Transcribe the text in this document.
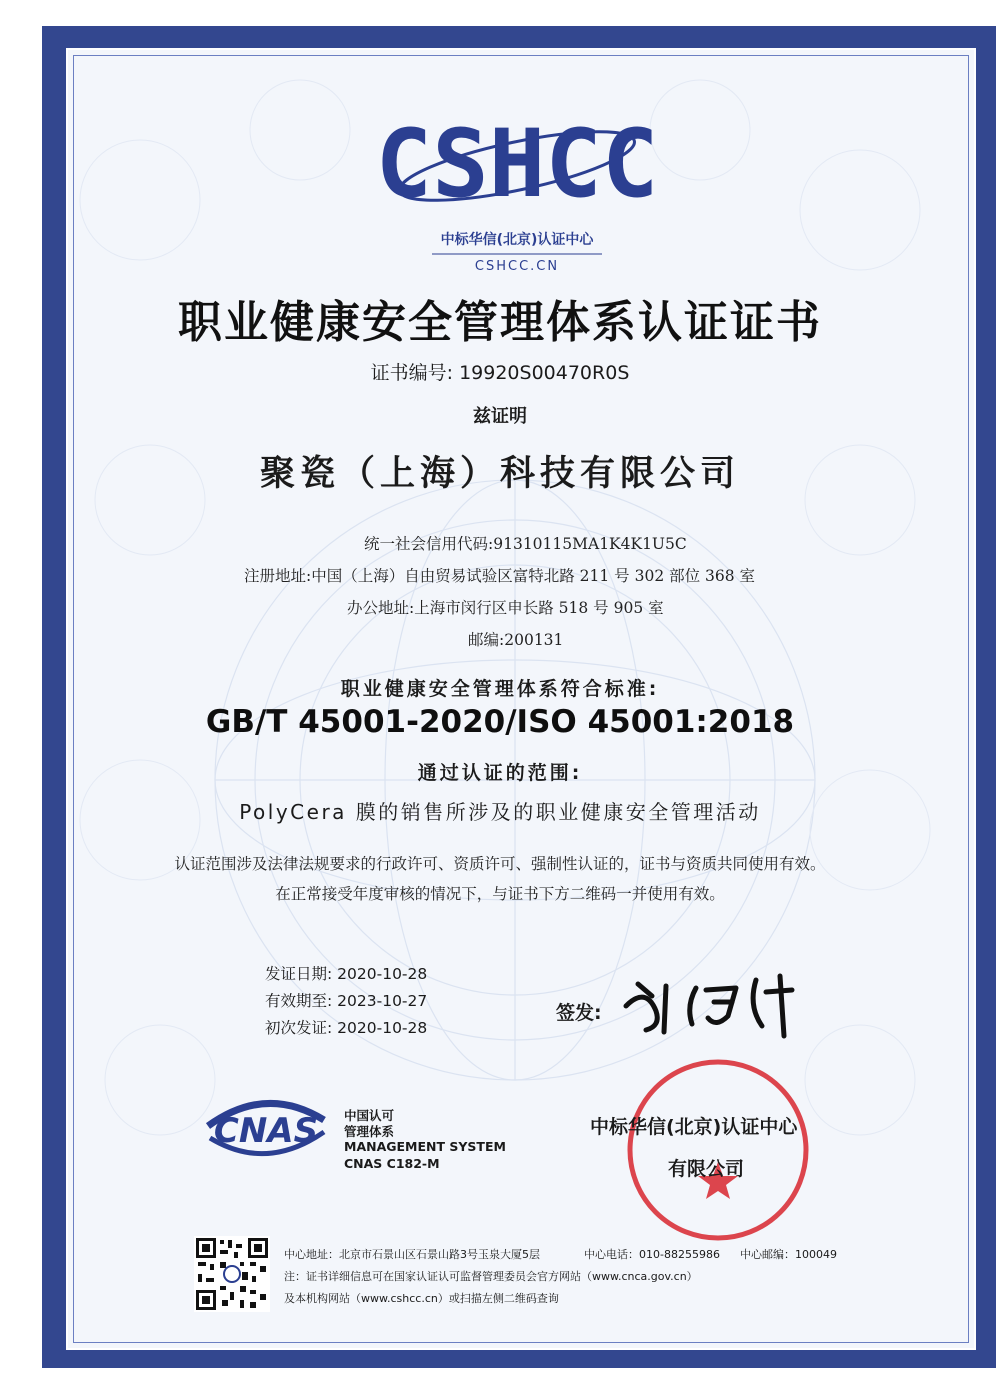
CSHCC
中标华信(北京)认证中心
CSHCC.CN
职业健康安全管理体系认证证书
证书编号: 19920S00470R0S
兹证明
聚瓷（上海）科技有限公司
统一社会信用代码:91310115MA1K4K1U5C
注册地址:中国（上海）自由贸易试验区富特北路 211 号 302 部位 368 室
办公地址:上海市闵行区申长路 518 号 905 室
邮编:200131
职业健康安全管理体系符合标准:
GB/T 45001-2020/ISO 45001:2018
通过认证的范围:
PolyCera 膜的销售所涉及的职业健康安全管理活动
认证范围涉及法律法规要求的行政许可、资质许可、强制性认证的，证书与资质共同使用有效。
在正常接受年度审核的情况下，与证书下方二维码一并使用有效。
发证日期: 2020-10-28
有效期至: 2023-10-27
初次发证: 2020-10-28
签发:
中标华信(北京)认证中心
有限公司
CNAS 中国认可
管理体系
MANAGEMENT SYSTEM
CNAS C182-M
中心地址：北京市石景山区石景山路3号玉泉大厦5层	中心电话：010-88255986 中心邮编：100049
注：证书详细信息可在国家认证认可监督管理委员会官方网站（www.cnca.gov.cn）
及本机构网站（www.cshcc.cn）或扫描左侧二维码查询
